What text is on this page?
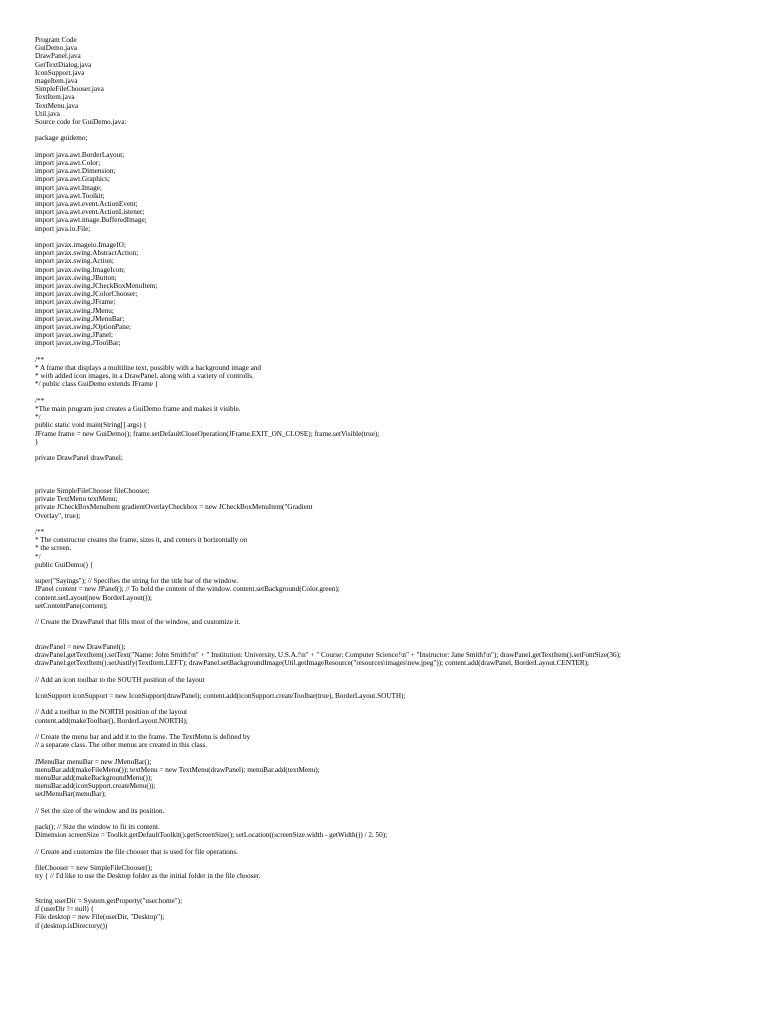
Program Code
GuiDemo.java
DrawPanel.java
GetTextDialog.java
IconSupport.java
mageItem.java
SimpleFileChooser.java
TextItem.java
TextMenu.java
Util.java
Source code for GuiDemo.java:
package guidemo;
import java.awt.BorderLayout;
import java.awt.Color;
import java.awt.Dimension;
import java.awt.Graphics;
import java.awt.Image;
import java.awt.Toolkit;
import java.awt.event.ActionEvent;
import java.awt.event.ActionListener;
import java.awt.image.BufferedImage;
import java.io.File;
import javax.imageio.ImageIO;
import javax.swing.AbstractAction;
import javax.swing.Action;
import javax.swing.ImageIcon;
import javax.swing.JButton;
import javax.swing.JCheckBoxMenuItem;
import javax.swing.JColorChooser;
import javax.swing.JFrame;
import javax.swing.JMenu;
import javax.swing.JMenuBar;
import javax.swing.JOptionPane;
import javax.swing.JPanel;
import javax.swing.JToolBar;
/**
* A frame that displays a multiline text, possibly with a background image and
* with added icon images, in a DrawPanel, along with a variety of controlls.
*/ public class GuiDemo extends JFrame {
/**
*The main program just creates a GuiDemo frame and makes it visible.
*/
public static void main(String[] args) {
JFrame frame = new GuiDemo(); frame.setDefaultCloseOperation(JFrame.EXIT_ON_CLOSE); frame.setVisible(true);
}
private DrawPanel drawPanel;
private SimpleFileChooser fileChooser;
private TextMenu textMenu;
private JCheckBoxMenuItem gradientOverlayCheckbox = new JCheckBoxMenuItem("Gradient
Overlay", true);
/**
* The constructor creates the frame, sizes it, and centers it horizontally on
* the screen.
*/
public GuiDemo() {
super("Sayings"); // Specifies the string for the title bar of the window.
JPanel content = new JPanel(); // To hold the content of the window. content.setBackground(Color.green);
content.setLayout(new BorderLayout());
setContentPane(content);
// Create the DrawPanel that fills most of the window, and customize it.
drawPanel = new DrawPanel();
drawPanel.getTextItem().setText("Name: John Smith!\n" + " Institution: University, U.S.A.!\n" + " Course: Computer Science!\n" + "Instructor: Jane Smith!\n"); drawPanel.getTextItem().setFontSize(36);
drawPanel.getTextItem().setJustify(TextItem.LEFT); drawPanel.setBackgroundImage(Util.getImageResource("resources\images\new.jpeg")); content.add(drawPanel, BorderLayout.CENTER);
// Add an icon toolbar to the SOUTH position of the layout
IconSupport iconSupport = new IconSupport(drawPanel); content.add(iconSupport.createToolbar(true), BorderLayout.SOUTH);
// Add a toolbar to the NORTH position of the layout
content.add(makeToolbar(), BorderLayout.NORTH);
// Create the menu bar and add it to the frame. The TextMenu is defined by
// a separate class. The other menus are created in this class.
JMenuBar menuBar = new JMenuBar();
menuBar.add(makeFileMenu()); textMenu = new TextMenu(drawPanel); menuBar.add(textMenu);
menuBar.add(makeBackgroundMenu());
menuBar.add(iconSupport.createMenu());
setJMenuBar(menuBar);
// Set the size of the window and its position.
pack(); // Size the window to fit its content.
Dimension screenSize = Toolkit.getDefaultToolkit().getScreenSize(); setLocation((screenSize.width - getWidth()) / 2, 50);
// Create and customize the file chooser that is used for file operations.
fileChooser = new SimpleFileChooser();
try { // I'd like to use the Desktop folder as the initial folder in the file chooser.
String userDir = System.getProperty("user.home");
if (userDir != null) {
File desktop = new File(userDir, "Desktop");
if (desktop.isDirectory())
